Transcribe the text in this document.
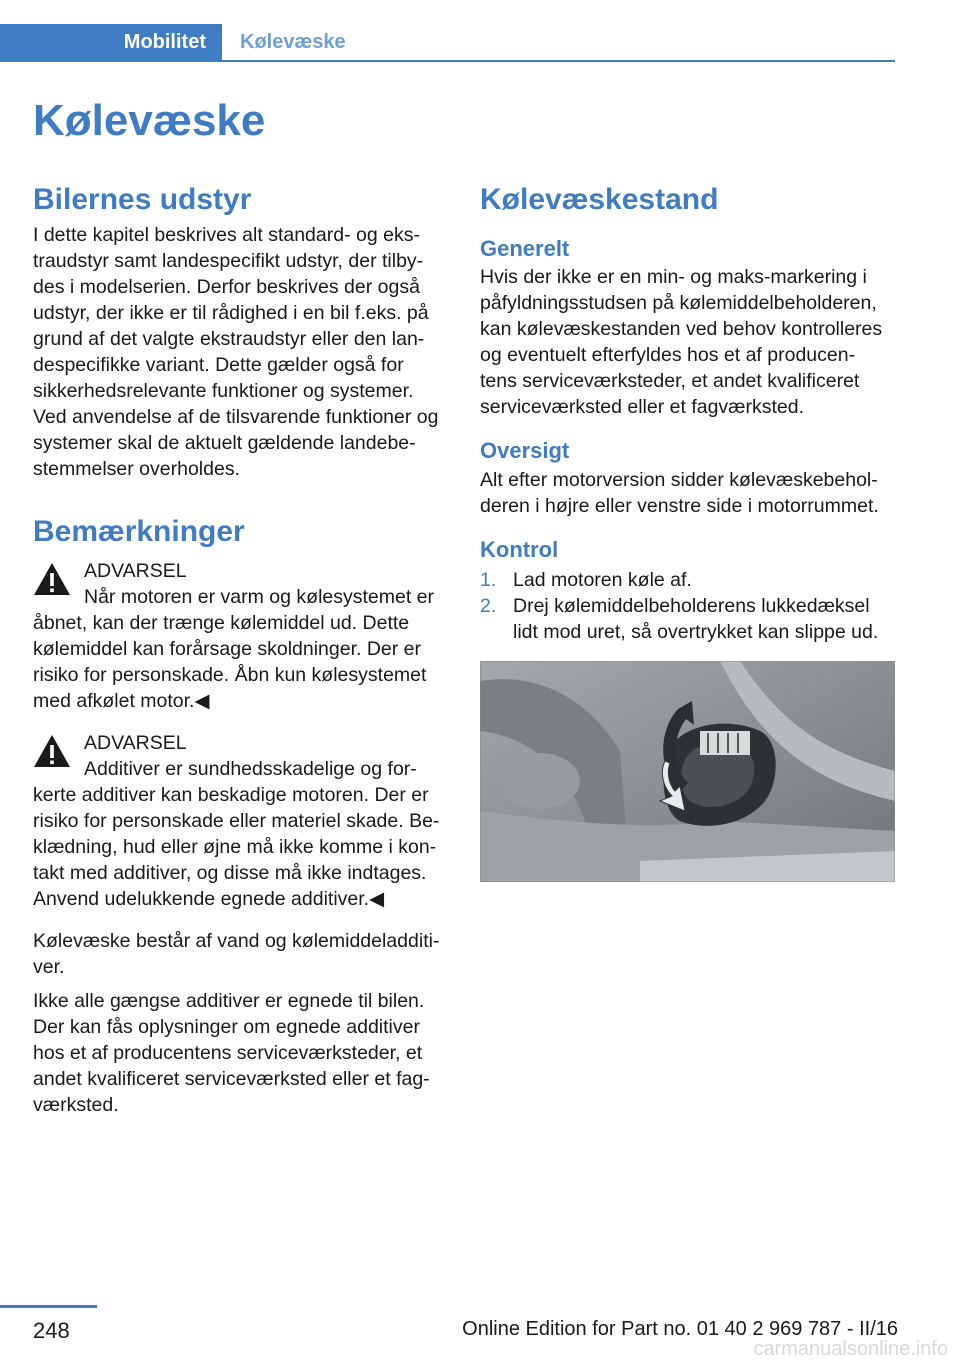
Mobilitet	Kølevæske
Kølevæske
Bilernes udstyr

I dette kapitel beskrives alt standard- og eks- traudstyr samt landespecifikt udstyr, der tilby- des i modelserien. Derfor beskrives der også udstyr, der ikke er til rådighed i en bil f.eks. på grund af det valgte ekstraudstyr eller den lan- despecifikke variant. Dette gælder også for sikkerhedsrelevante funktioner og systemer. Ved anvendelse af de tilsvarende funktioner og systemer skal de aktuelt gældende landebe- stemmelser overholdes.

Bemærkninger

ADVARSEL

Når motoren er varm og kølesystemet er

åbnet, kan der trænge kølemiddel ud. Dette kølemiddel kan forårsage skoldninger. Der er risiko for personskade. Åbn kun kølesystemet med afkølet motor.◀

ADVARSEL

Additiver er sundhedsskadelige og for-

kerte additiver kan beskadige motoren. Der er risiko for personskade eller materiel skade. Be- klædning, hud eller øjne må ikke komme i kon- takt med additiver, og disse må ikke indtages. Anvend udelukkende egnede additiver.◀

Kølevæske består af vand og kølemiddeladditi- ver.

Ikke alle gængse additiver er egnede til bilen. Der kan fås oplysninger om egnede additiver hos et af producentens serviceværksteder, et andet kvalificeret serviceværksted eller et fag- værksted.

Kølevæskestand
Generelt

Hvis der ikke er en min- og maks-markering i påfyldningsstudsen på kølemiddelbeholderen, kan kølevæskestanden ved behov kontrolleres og eventuelt efterfyldes hos et af producen- tens serviceværksteder, et andet kvalificeret serviceværksted eller et fagværksted.

Oversigt

Alt efter motorversion sidder kølevæskebehol- deren i højre eller venstre side i motorrummet.

Kontrol
1. Lad motoren køle af.
2. Drej kølemiddelbeholderens lukkedæksel lidt mod uret, så overtrykket kan slippe ud.
248	Online Edition for Part no. 01 40 2 969 787 - II/16
carmanualsonline.info
